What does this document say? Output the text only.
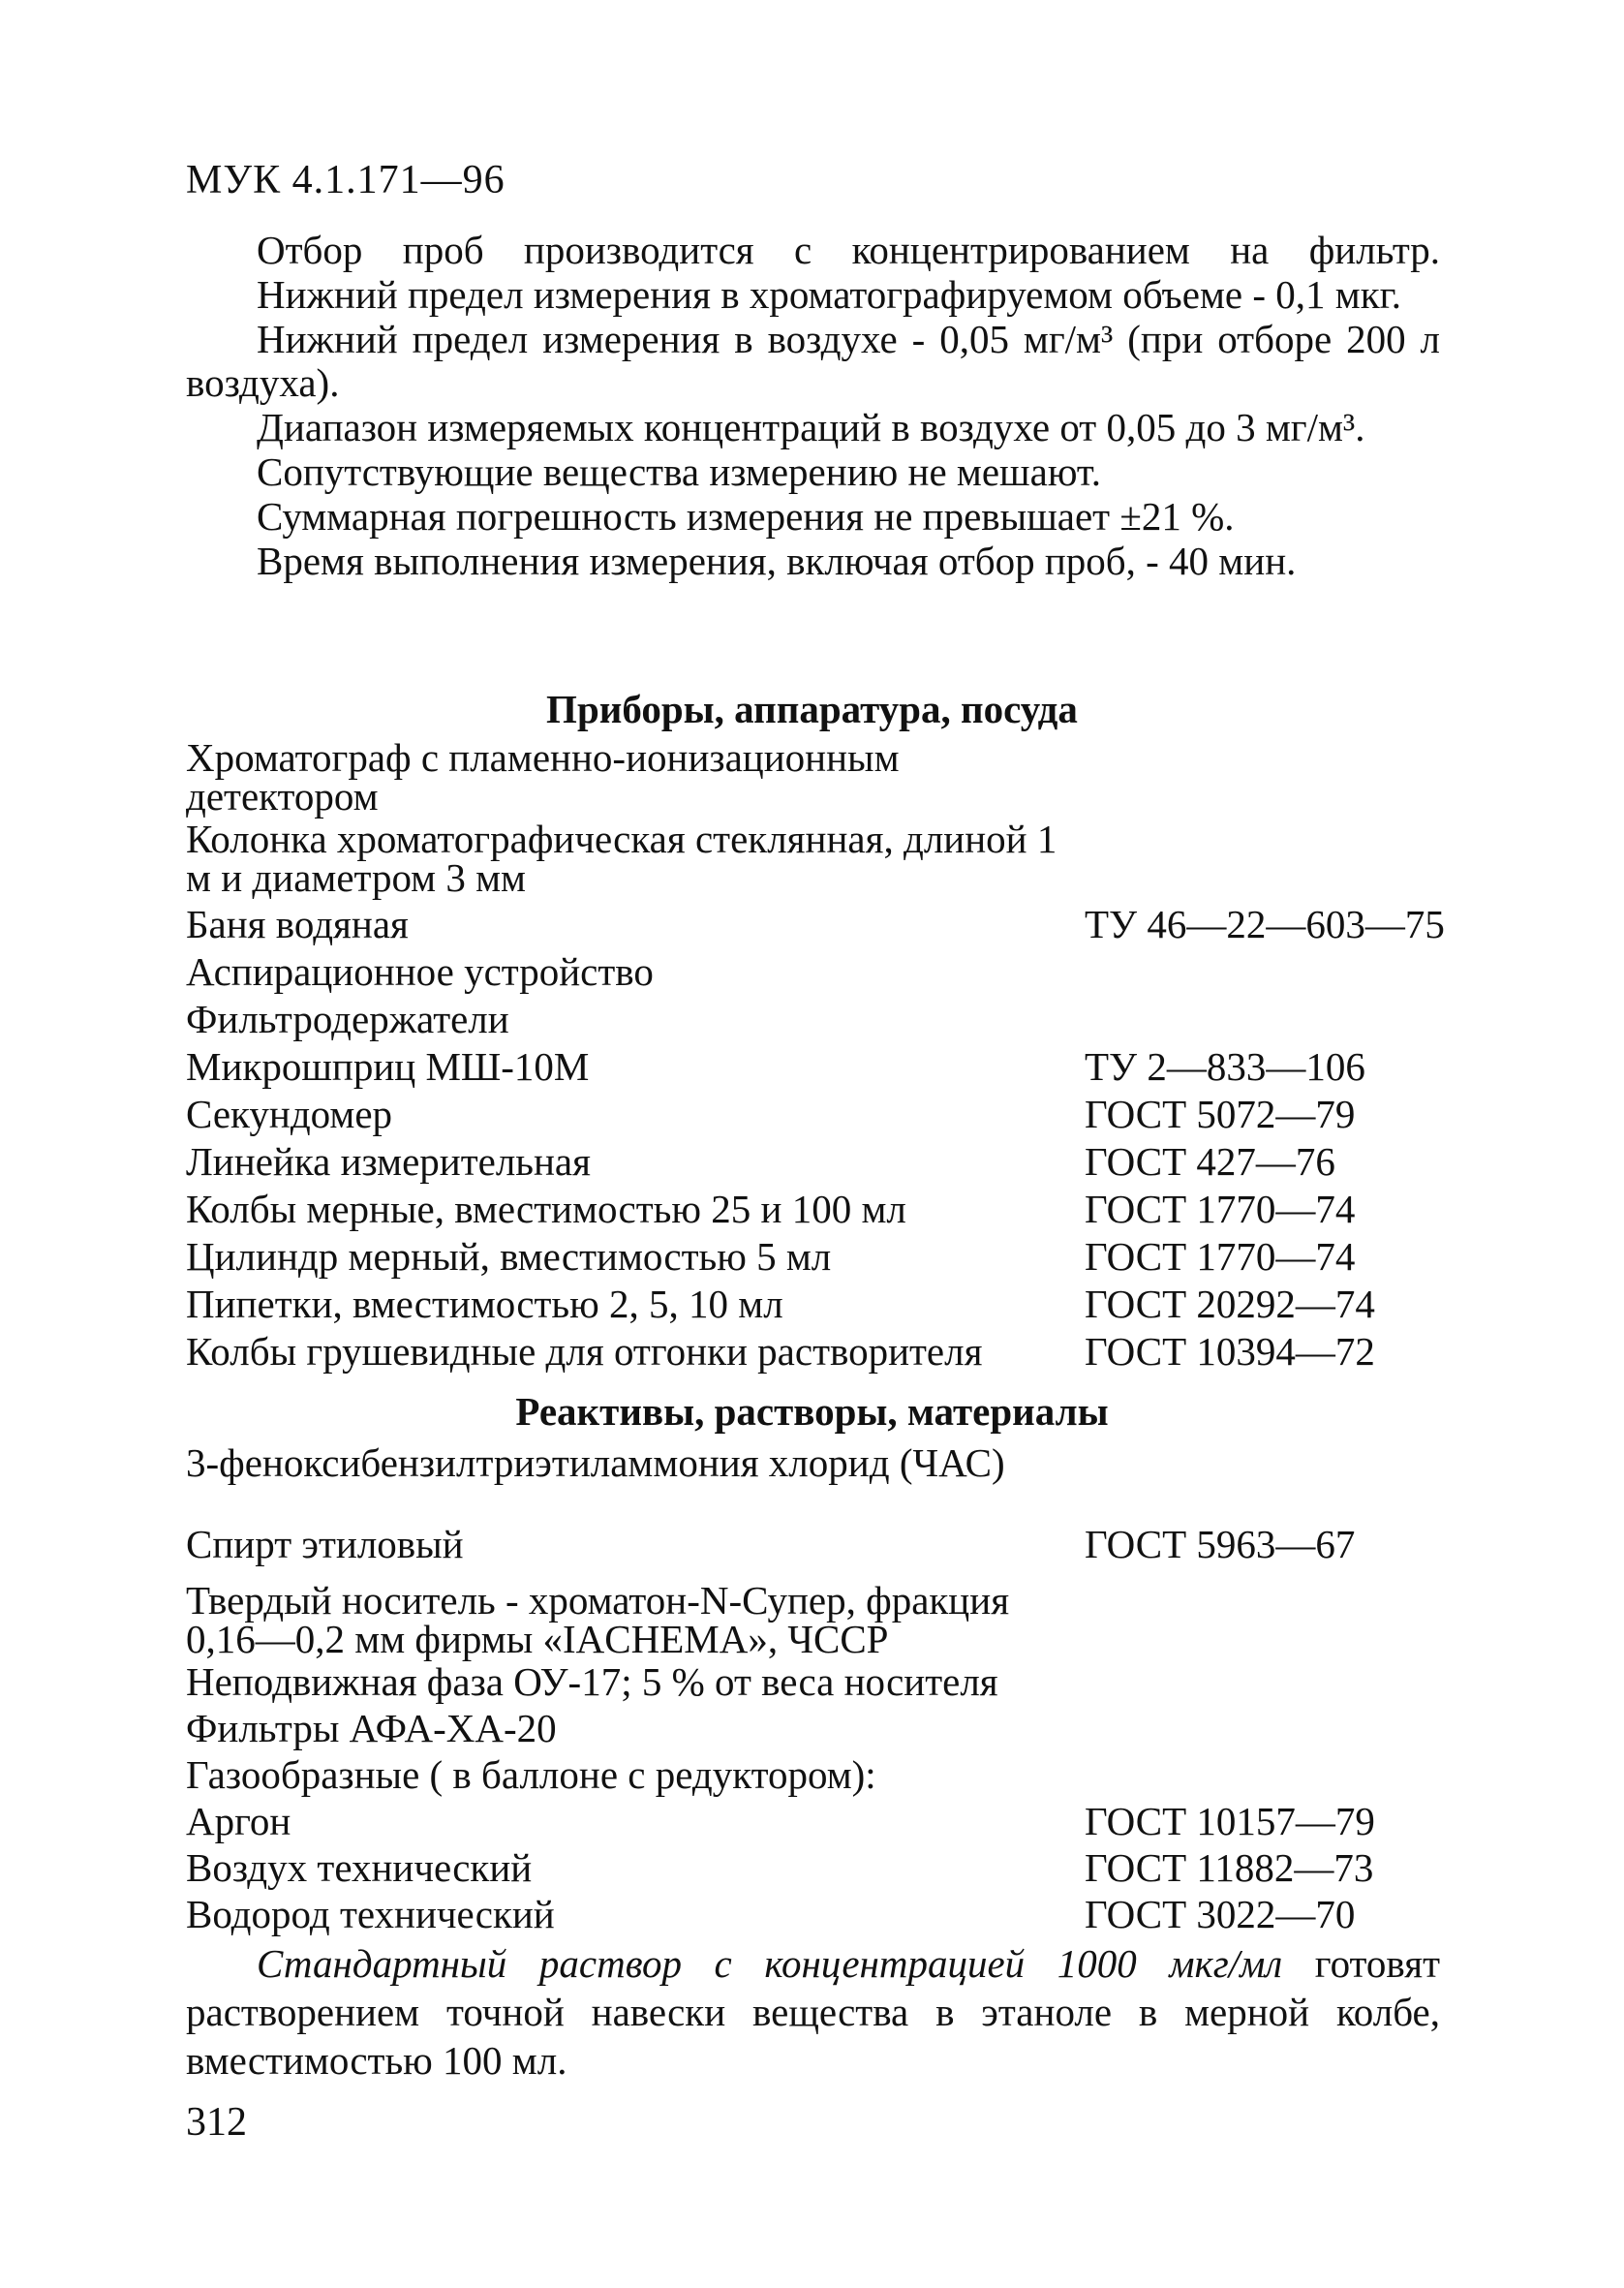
МУК 4.1.171—96

Отбор проб производится с концентрированием на фильтр.

Нижний предел измерения в хроматографируемом объеме - 0,1 мкг.

Нижний предел измерения в воздухе - 0,05 мг/м³ (при отборе 200 л воздуха).

Диапазон измеряемых концентраций в воздухе от 0,05 до 3 мг/м³.

Сопутствующие вещества измерению не мешают.

Суммарная погрешность измерения не превышает ±21 %.

Время выполнения измерения, включая отбор проб, - 40 мин.

Приборы, аппаратура, посуда
Хроматограф с пламенно-ионизационным детектором
Колонка хроматографическая стеклянная, длиной 1 м и диаметром 3 мм
Баня водяная	ТУ 46—22—603—75
Аспирационное устройство
Фильтродержатели
Микрошприц МШ-10М	ТУ 2—833—106
Секундомер	ГОСТ 5072—79
Линейка измерительная	ГОСТ 427—76
Колбы мерные, вместимостью 25 и 100 мл	ГОСТ 1770—74
Цилиндр мерный, вместимостью 5 мл	ГОСТ 1770—74
Пипетки, вместимостью 2, 5, 10 мл	ГОСТ 20292—74
Колбы грушевидные для отгонки растворителя	ГОСТ 10394—72
Реактивы, растворы, материалы
3-феноксибензилтриэтиламмония хлорид (ЧАС)
Спирт этиловый	ГОСТ 5963—67
Твердый носитель - хроматон-N-Супер, фракция 0,16—0,2 мм фирмы «IACHEMA», ЧССР
Неподвижная фаза ОУ-17; 5 % от веса носителя
Фильтры АФА-ХА-20
Газообразные ( в баллоне с редуктором):
Аргон	ГОСТ 10157—79
Воздух технический	ГОСТ 11882—73
Водород технический	ГОСТ 3022—70

Стандартный раствор с концентрацией 1000 мкг/мл готовят растворением точной навески вещества в этаноле в мерной колбе, вместимостью 100 мл.

312
